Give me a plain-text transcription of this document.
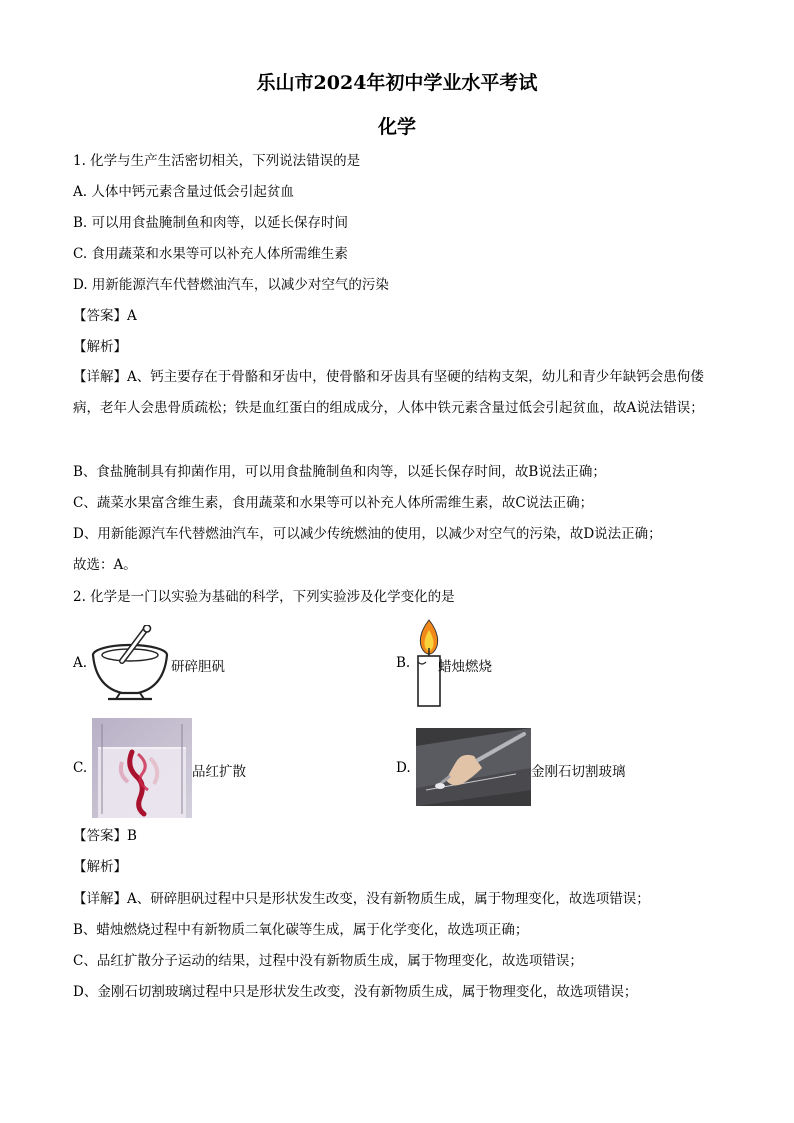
乐山市2024年初中学业水平考试
化学
1. 化学与生产生活密切相关，下列说法错误的是
A. 人体中钙元素含量过低会引起贫血
B. 可以用食盐腌制鱼和肉等，以延长保存时间
C. 食用蔬菜和水果等可以补充人体所需维生素
D. 用新能源汽车代替燃油汽车，以减少对空气的污染
【答案】A
【解析】
【详解】A、钙主要存在于骨骼和牙齿中，使骨骼和牙齿具有坚硬的结构支架，幼儿和青少年缺钙会患佝偻病，老年人会患骨质疏松；铁是血红蛋白的组成成分，人体中铁元素含量过低会引起贫血，故A说法错误；
B、食盐腌制具有抑菌作用，可以用食盐腌制鱼和肉等，以延长保存时间，故B说法正确；
C、蔬菜水果富含维生素，食用蔬菜和水果等可以补充人体所需维生素，故C说法正确；
D、用新能源汽车代替燃油汽车，可以减少传统燃油的使用，以减少对空气的污染，故D说法正确；
故选：A。
2. 化学是一门以实验为基础的科学，下列实验涉及化学变化的是
A.	研碎胆矾	B. 蜡烛燃烧
C.	品红扩散	D.	金刚石切割玻璃
【答案】B
【解析】
【详解】A、研碎胆矾过程中只是形状发生改变，没有新物质生成，属于物理变化，故选项错误；
B、蜡烛燃烧过程中有新物质二氧化碳等生成，属于化学变化，故选项正确；
C、品红扩散分子运动的结果，过程中没有新物质生成，属于物理变化，故选项错误；
D、金刚石切割玻璃过程中只是形状发生改变，没有新物质生成，属于物理变化，故选项错误；
